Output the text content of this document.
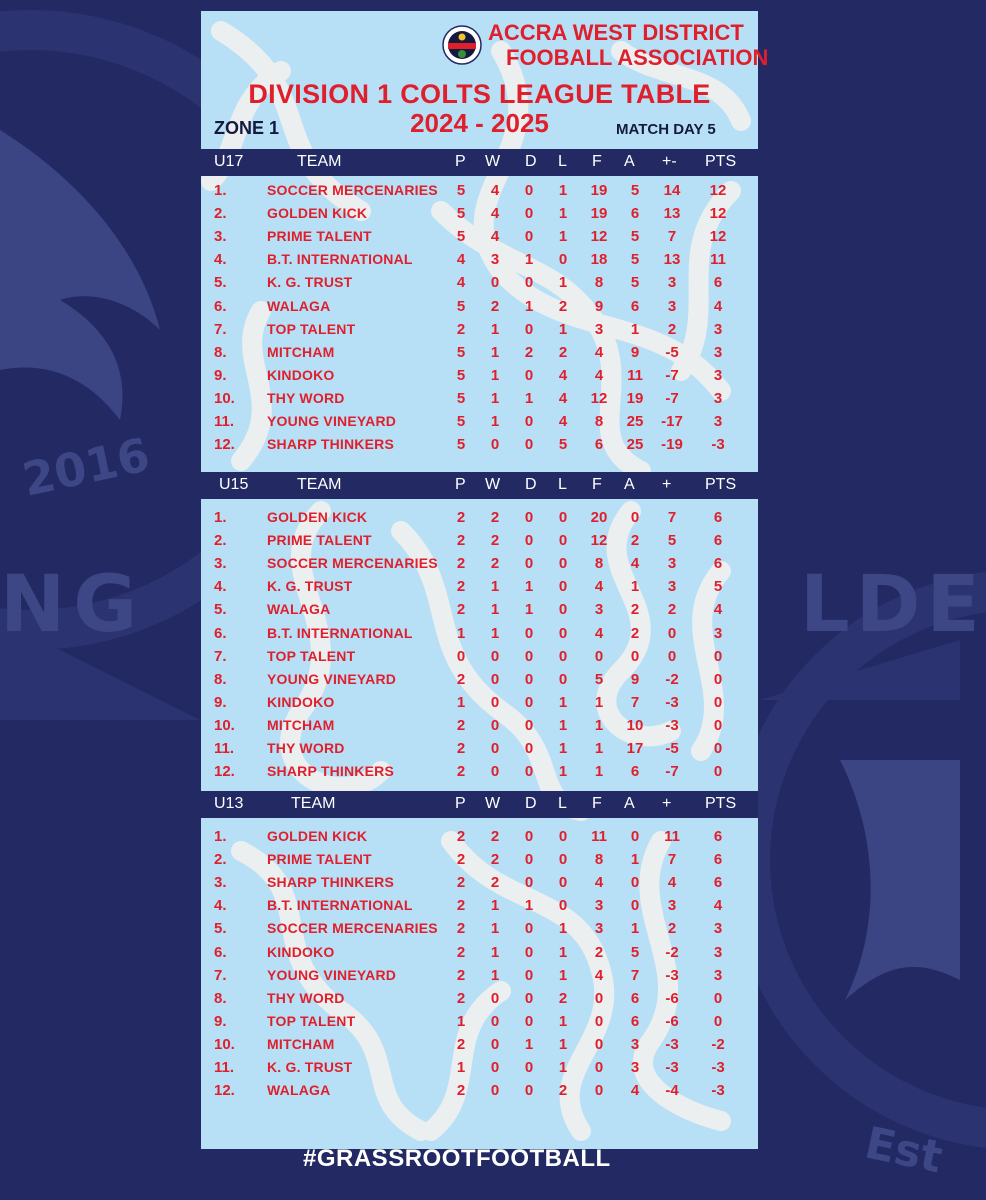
2016
NG	LDE
Est
ACCRA WEST DISTRICT
FOOBALL ASSOCIATION
DIVISION 1 COLTS LEAGUE TABLE
2024 - 2025
ZONE 1	MATCH DAY 5
U17	TEAM	P W D L F A +- PTS
1.	SOCCER MERCENARIES	5	4	0	1	19	5	14	12
2.	GOLDEN KICK	5	4	0	1	19	6	13	12
3.	PRIME TALENT	5	4	0	1	12	5	7	12
4.	B.T. INTERNATIONAL	4	3	1	0	18	5	13	11
5.	K. G. TRUST	4	0	0	1	8	5	3	6
6.	WALAGA	5	2	1	2	9	6	3	4
7.	TOP TALENT	2	1	0	1	3	1	2	3
8.	MITCHAM	5	1	2	2	4	9	-5	3
9.	KINDOKO	5	1	0	4	4	11	-7	3
10. THY WORD	5	1	1	4	12	19	-7	3
11. YOUNG VINEYARD	5	1	0	4	8	25	-17	3
12. SHARP THINKERS	5	0	0	5	6	25	-19	-3
U15	TEAM	P W D L F A + PTS
1.	GOLDEN KICK	2	2	0	0	20	0	7	6
2.	PRIME TALENT	2	2	0	0	12	2	5	6
3.	SOCCER MERCENARIES	2	2	0	0	8	4	3	6
4.	K. G. TRUST	2	1	1	0	4	1	3	5
5.	WALAGA	2	1	1	0	3	2	2	4
6.	B.T. INTERNATIONAL	1	1	0	0	4	2	0	3
7.	TOP TALENT	0	0	0	0	0	0	0	0
8.	YOUNG VINEYARD	2	0	0	0	5	9	-2	0
9.	KINDOKO	1	0	0	1	1	7	-3	0
10. MITCHAM	2	0	0	1	1	10	-3	0
11. THY WORD	2	0	0	1	1	17	-5	0
12. SHARP THINKERS	2	0	0	1	1	6	-7	0
U13	TEAM	P W D L F A + PTS
1.	GOLDEN KICK	2	2	0	0	11	0	11	6
2.	PRIME TALENT	2	2	0	0	8	1	7	6
3.	SHARP THINKERS	2	2	0	0	4	0	4	6
4.	B.T. INTERNATIONAL	2	1	1	0	3	0	3	4
5.	SOCCER MERCENARIES	2	1	0	1	3	1	2	3
6.	KINDOKO	2	1	0	1	2	5	-2	3
7.	YOUNG VINEYARD	2	1	0	1	4	7	-3	3
8.	THY WORD	2	0	0	2	0	6	-6	0
9.	TOP TALENT	1	0	0	1	0	6	-6	0
10. MITCHAM	2	0	1	1	0	3	-3	-2
11. K. G. TRUST	1	0	0	1	0	3	-3	-3
12. WALAGA	2	0	0	2	0	4	-4	-3
#GRASSROOTFOOTBALL
